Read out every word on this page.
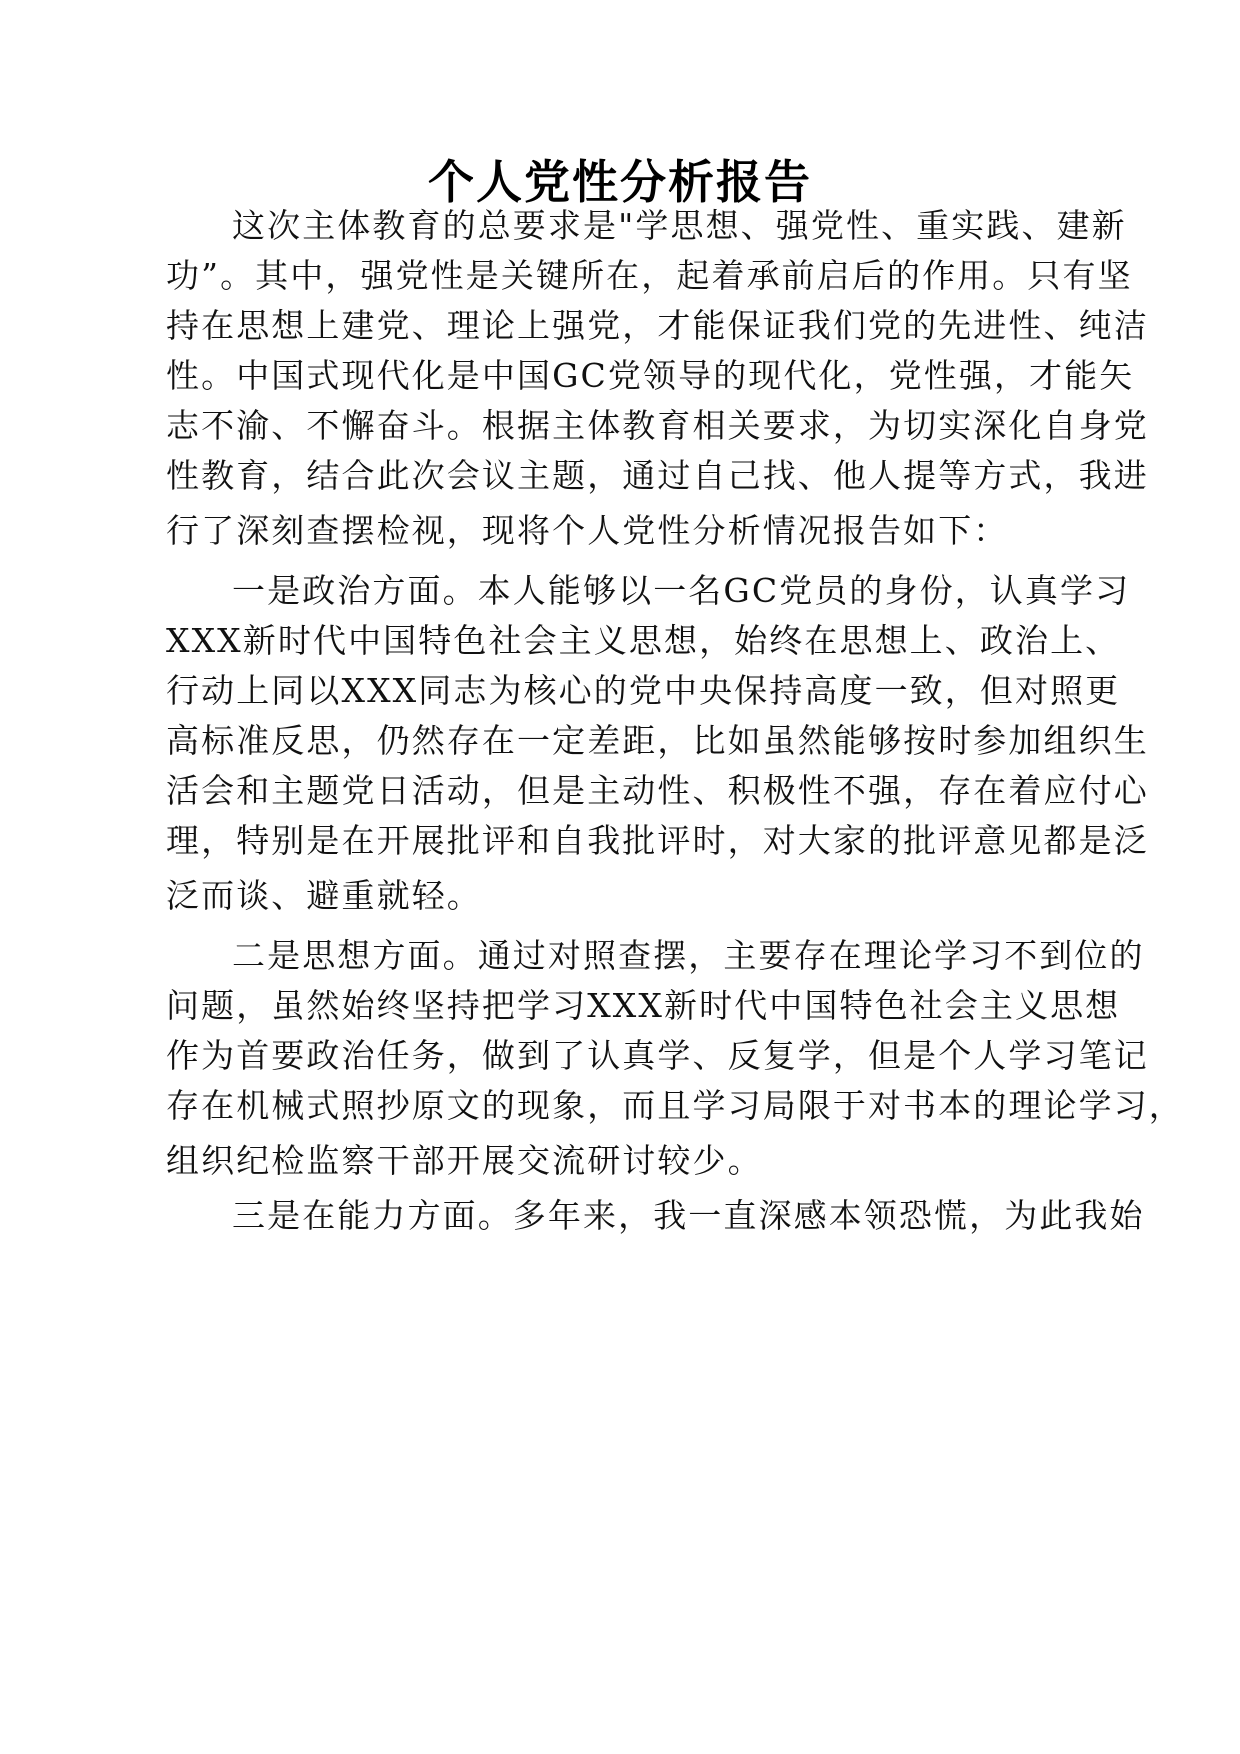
个人党性分析报告
这次主体教育的总要求是"学思想、强党性、重实践、建新
功”。其中，强党性是关键所在，起着承前启后的作用。只有坚
持在思想上建党、理论上强党，才能保证我们党的先进性、纯洁
性。中国式现代化是中国GC党领导的现代化，党性强，才能矢
志不渝、不懈奋斗。根据主体教育相关要求，为切实深化自身党
性教育，结合此次会议主题，通过自己找、他人提等方式，我进
行了深刻查摆检视，现将个人党性分析情况报告如下：
一是政治方面。本人能够以一名GC党员的身份，认真学习
XXX新时代中国特色社会主义思想，始终在思想上、政治上、
行动上同以XXX同志为核心的党中央保持高度一致，但对照更
高标准反思，仍然存在一定差距，比如虽然能够按时参加组织生
活会和主题党日活动，但是主动性、积极性不强，存在着应付心
理，特别是在开展批评和自我批评时，对大家的批评意见都是泛
泛而谈、避重就轻。
二是思想方面。通过对照查摆，主要存在理论学习不到位的
问题，虽然始终坚持把学习XXX新时代中国特色社会主义思想
作为首要政治任务，做到了认真学、反复学，但是个人学习笔记
存在机械式照抄原文的现象，而且学习局限于对书本的理论学习，
组织纪检监察干部开展交流研讨较少。
三是在能力方面。多年来，我一直深感本领恐慌，为此我始
